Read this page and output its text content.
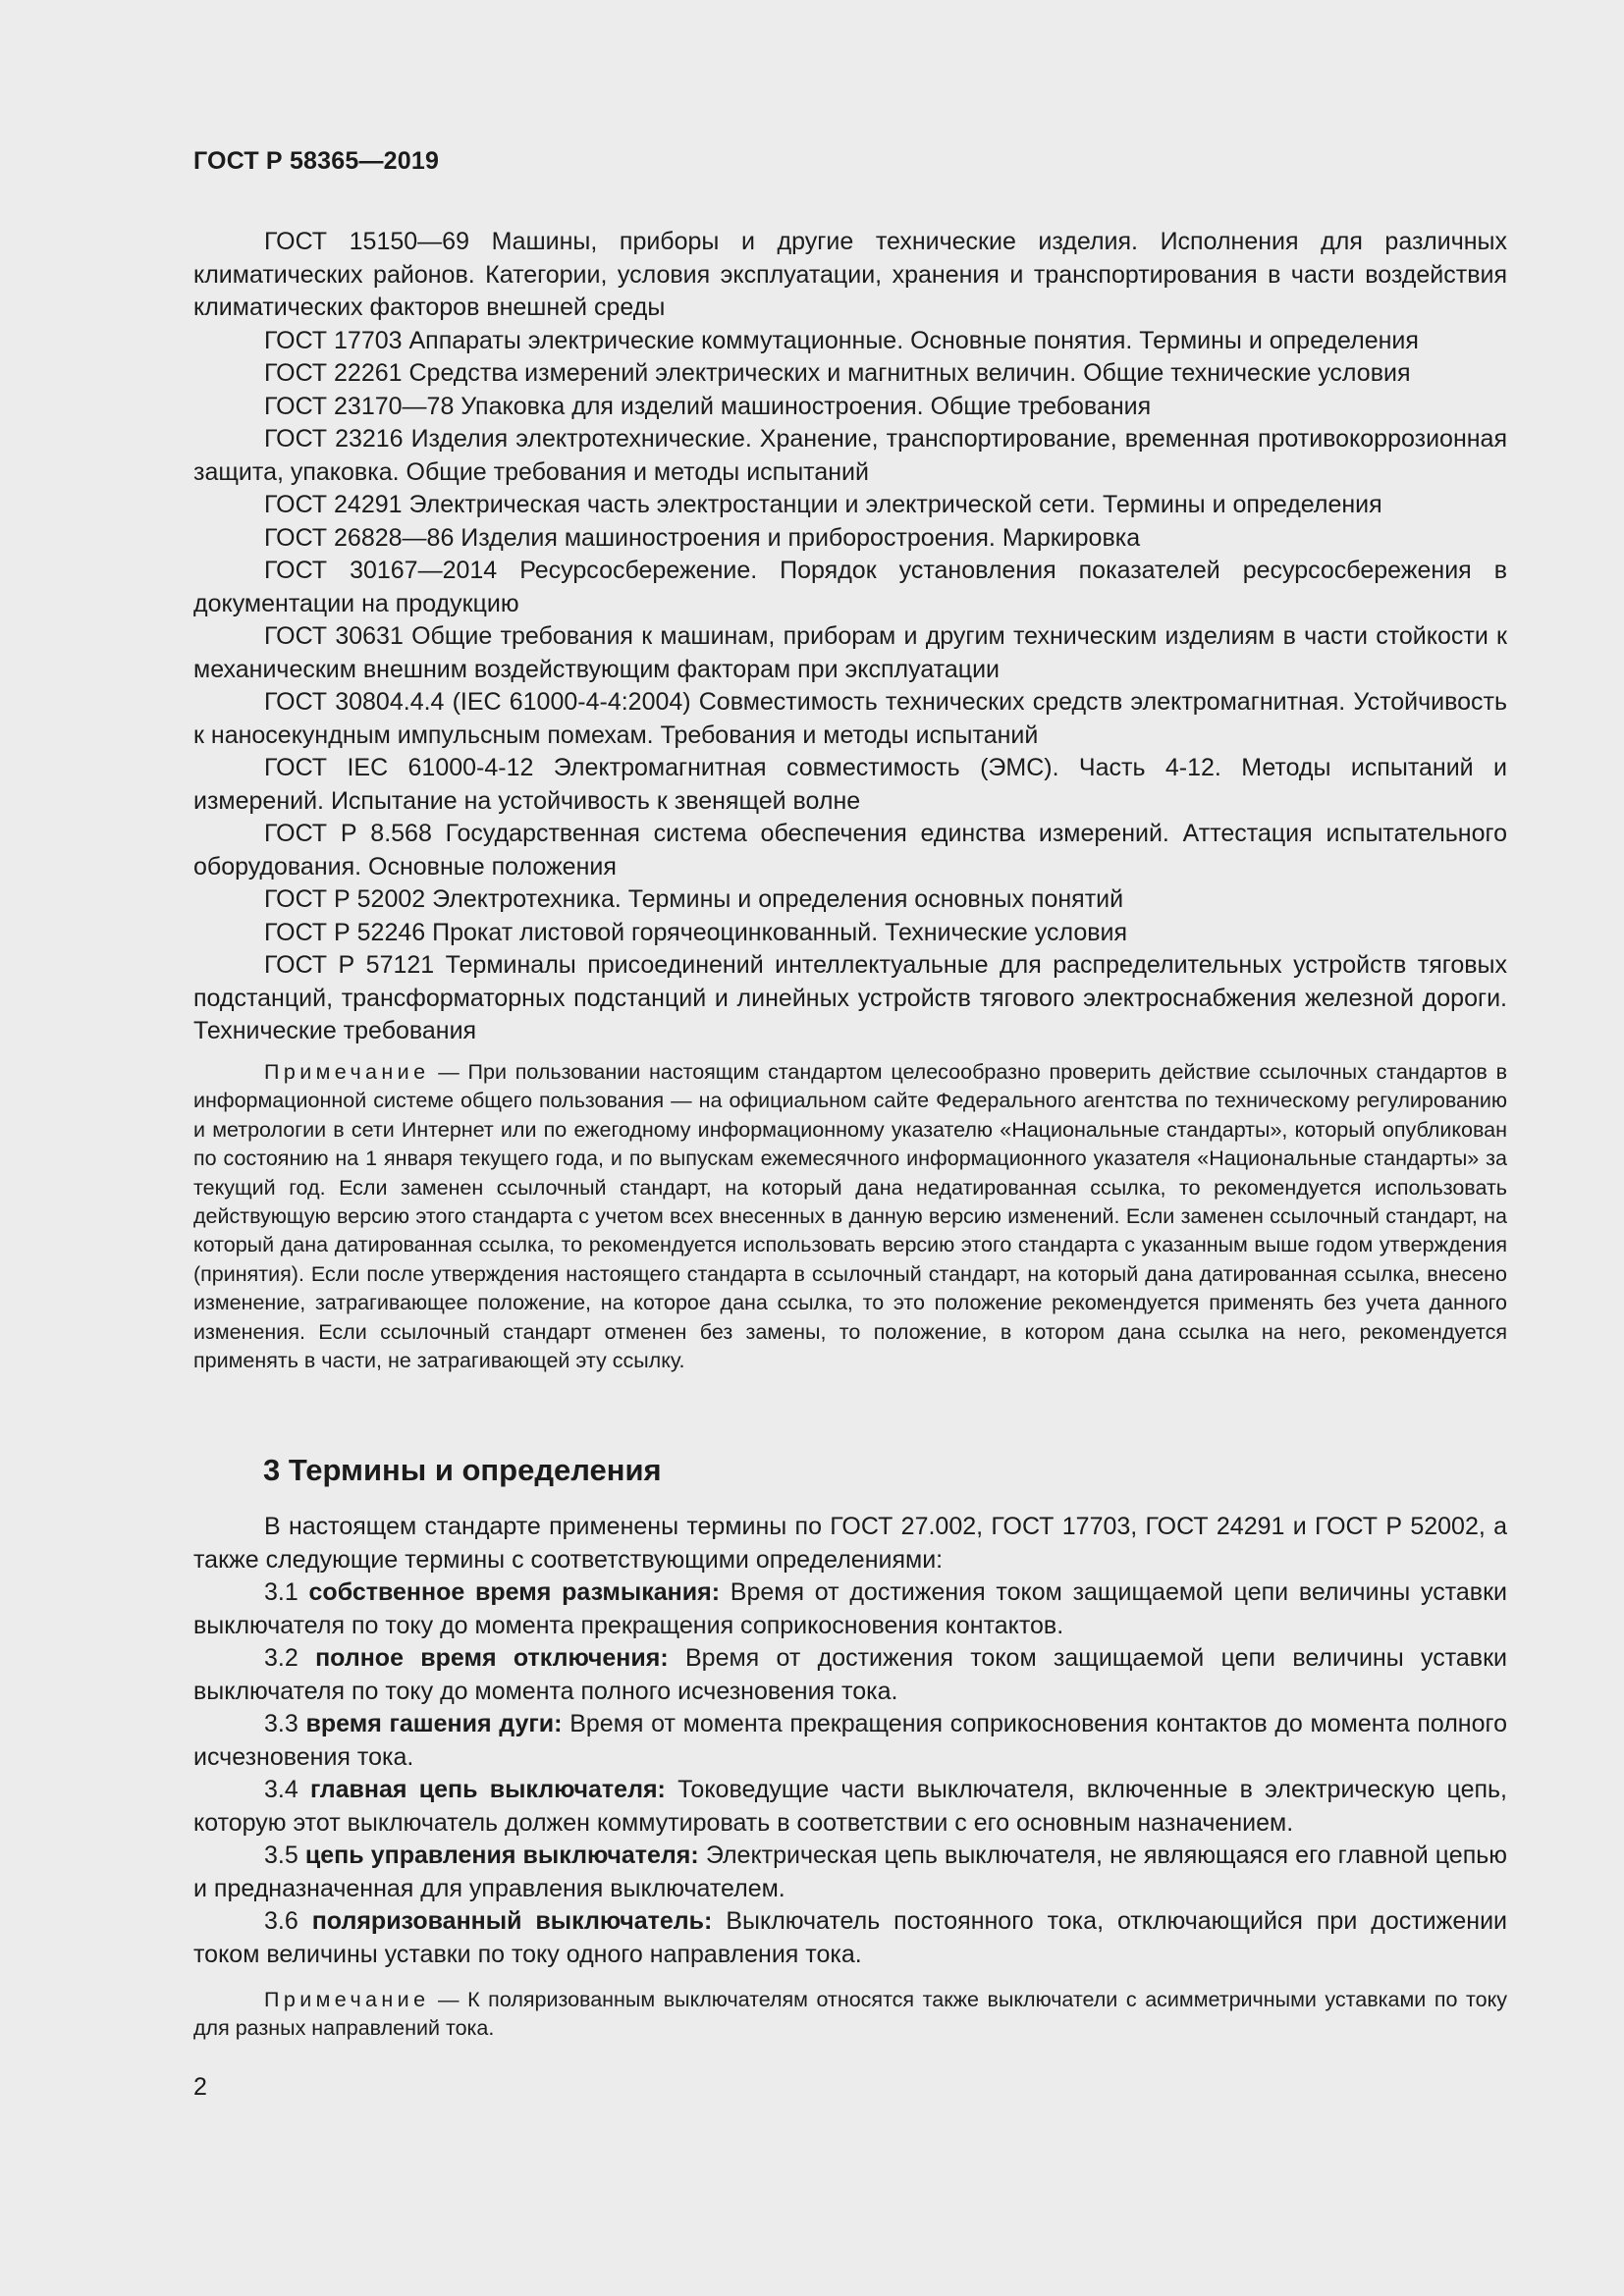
ГОСТ Р 58365—2019

ГОСТ 15150—69 Машины, приборы и другие технические изделия. Исполнения для различных климатических районов. Категории, условия эксплуатации, хранения и транспортирования в части воздействия климатических факторов внешней среды

ГОСТ 17703 Аппараты электрические коммутационные. Основные понятия. Термины и определения

ГОСТ 22261 Средства измерений электрических и магнитных величин. Общие технические условия

ГОСТ 23170—78 Упаковка для изделий машиностроения. Общие требования

ГОСТ 23216 Изделия электротехнические. Хранение, транспортирование, временная противокоррозионная защита, упаковка. Общие требования и методы испытаний

ГОСТ 24291 Электрическая часть электростанции и электрической сети. Термины и определения

ГОСТ 26828—86 Изделия машиностроения и приборостроения. Маркировка

ГОСТ 30167—2014 Ресурсосбережение. Порядок установления показателей ресурсосбережения в документации на продукцию

ГОСТ 30631 Общие требования к машинам, приборам и другим техническим изделиям в части стойкости к механическим внешним воздействующим факторам при эксплуатации

ГОСТ 30804.4.4 (IEC 61000-4-4:2004) Совместимость технических средств электромагнитная. Устойчивость к наносекундным импульсным помехам. Требования и методы испытаний

ГОСТ IEC 61000-4-12 Электромагнитная совместимость (ЭМС). Часть 4-12. Методы испытаний и измерений. Испытание на устойчивость к звенящей волне

ГОСТ Р 8.568 Государственная система обеспечения единства измерений. Аттестация испытательного оборудования. Основные положения

ГОСТ Р 52002 Электротехника. Термины и определения основных понятий

ГОСТ Р 52246 Прокат листовой горячеоцинкованный. Технические условия

ГОСТ Р 57121 Терминалы присоединений интеллектуальные для распределительных устройств тяговых подстанций, трансформаторных подстанций и линейных устройств тягового электроснабжения железной дороги. Технические требования

Примечание — При пользовании настоящим стандартом целесообразно проверить действие ссылочных стандартов в информационной системе общего пользования — на официальном сайте Федерального агентства по техническому регулированию и метрологии в сети Интернет или по ежегодному информационному указателю «Национальные стандарты», который опубликован по состоянию на 1 января текущего года, и по выпускам ежемесячного информационного указателя «Национальные стандарты» за текущий год. Если заменен ссылочный стандарт, на который дана недатированная ссылка, то рекомендуется использовать действующую версию этого стандарта с учетом всех внесенных в данную версию изменений. Если заменен ссылочный стандарт, на который дана датированная ссылка, то рекомендуется использовать версию этого стандарта с указанным выше годом утверждения (принятия). Если после утверждения настоящего стандарта в ссылочный стандарт, на который дана датированная ссылка, внесено изменение, затрагивающее положение, на которое дана ссылка, то это положение рекомендуется применять без учета данного изменения. Если ссылочный стандарт отменен без замены, то положение, в котором дана ссылка на него, рекомендуется применять в части, не затрагивающей эту ссылку.

3 Термины и определения

В настоящем стандарте применены термины по ГОСТ 27.002, ГОСТ 17703, ГОСТ 24291 и ГОСТ Р 52002, а также следующие термины с соответствующими определениями:

3.1 собственное время размыкания: Время от достижения током защищаемой цепи величины уставки выключателя по току до момента прекращения соприкосновения контактов.

3.2 полное время отключения: Время от достижения током защищаемой цепи величины уставки выключателя по току до момента полного исчезновения тока.

3.3 время гашения дуги: Время от момента прекращения соприкосновения контактов до момента полного исчезновения тока.

3.4 главная цепь выключателя: Токоведущие части выключателя, включенные в электрическую цепь, которую этот выключатель должен коммутировать в соответствии с его основным назначением.

3.5 цепь управления выключателя: Электрическая цепь выключателя, не являющаяся его главной цепью и предназначенная для управления выключателем.

3.6 поляризованный выключатель: Выключатель постоянного тока, отключающийся при достижении током величины уставки по току одного направления тока.

Примечание — К поляризованным выключателям относятся также выключатели с асимметричными уставками по току для разных направлений тока.

2
